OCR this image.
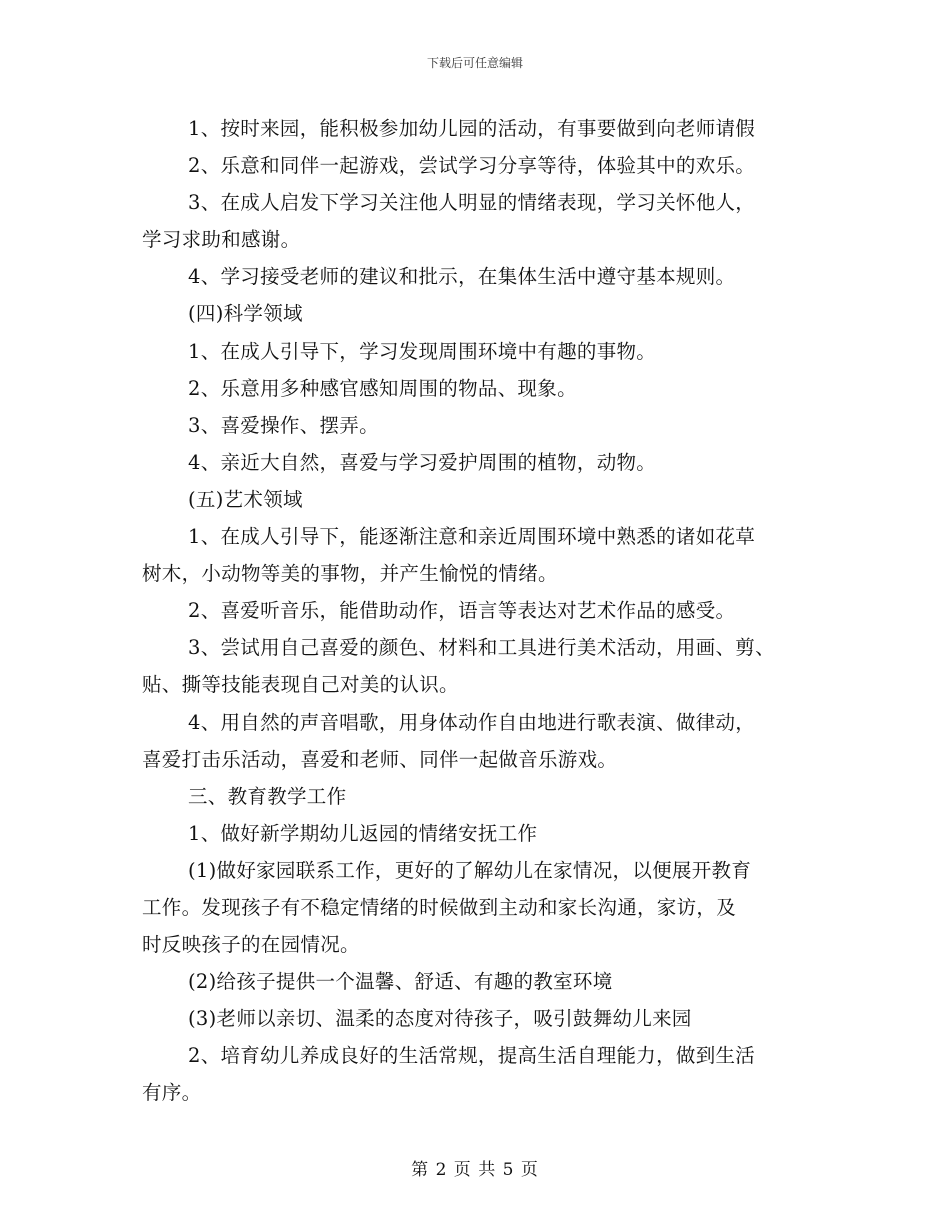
下载后可任意编辑
1、按时来园，能积极参加幼儿园的活动，有事要做到向老师请假
2、乐意和同伴一起游戏，尝试学习分享等待，体验其中的欢乐。
3、在成人启发下学习关注他人明显的情绪表现，学习关怀他人，
学习求助和感谢。
4、学习接受老师的建议和批示，在集体生活中遵守基本规则。
(四)科学领域
1、在成人引导下，学习发现周围环境中有趣的事物。
2、乐意用多种感官感知周围的物品、现象。
3、喜爱操作、摆弄。
4、亲近大自然，喜爱与学习爱护周围的植物，动物。
(五)艺术领域
1、在成人引导下，能逐渐注意和亲近周围环境中熟悉的诸如花草
树木，小动物等美的事物，并产生愉悦的情绪。
2、喜爱听音乐，能借助动作，语言等表达对艺术作品的感受。
3、尝试用自己喜爱的颜色、材料和工具进行美术活动，用画、剪、
贴、撕等技能表现自己对美的认识。
4、用自然的声音唱歌，用身体动作自由地进行歌表演、做律动，
喜爱打击乐活动，喜爱和老师、同伴一起做音乐游戏。
三、教育教学工作
1、做好新学期幼儿返园的情绪安抚工作
(1)做好家园联系工作，更好的了解幼儿在家情况，以便展开教育
工作。发现孩子有不稳定情绪的时候做到主动和家长沟通，家访，及
时反映孩子的在园情况。
(2)给孩子提供一个温馨、舒适、有趣的教室环境
(3)老师以亲切、温柔的态度对待孩子，吸引鼓舞幼儿来园
2、培育幼儿养成良好的生活常规，提高生活自理能力，做到生活
有序。
第 2 页 共 5 页
